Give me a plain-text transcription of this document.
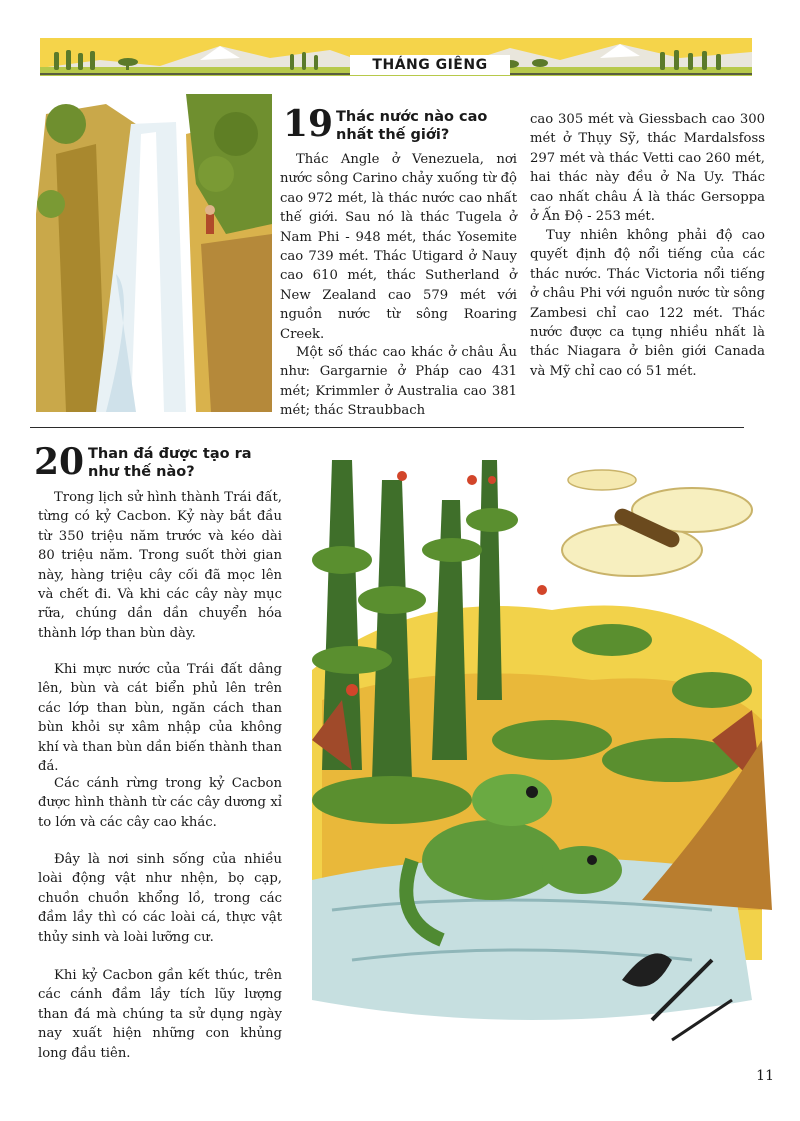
THÁNG GIÊNG
19 Thác nước nào cao nhất thế giới?

Thác Angle ở Venezuela, nơi nước sông Carino chảy xuống từ độ cao 972 mét, là thác nước cao nhất thế giới. Sau nó là thác Tugela ở Nam Phi - 948 mét, thác Yosemite cao 739 mét. Thác Utigard ở Nauy cao 610 mét, thác Sutherland ở New Zealand cao 579 mét với nguồn nước từ sông Roaring Creek.

Một số thác cao khác ở châu Âu như: Gargarnie ở Pháp cao 431 mét; Krimmler ở Australia cao 381 mét; thác Straubbach

cao 305 mét và Giessbach cao 300 mét ở Thụy Sỹ, thác Mardalsfoss 297 mét và thác Vetti cao 260 mét, hai thác này đều ở Na Uy. Thác cao nhất châu Á là thác Gersoppa ở Ấn Độ - 253 mét.

Tuy nhiên không phải độ cao quyết định độ nổi tiếng của các thác nước. Thác Victoria nổi tiếng ở châu Phi với nguồn nước từ sông Zambesi chỉ cao 122 mét. Thác nước được ca tụng nhiều nhất là thác Niagara ở biên giới Canada và Mỹ chỉ cao có 51 mét.

20 Than đá được tạo ra như thế nào?

Trong lịch sử hình thành Trái đất, từng có kỷ Cacbon. Kỷ này bắt đầu từ 350 triệu năm trước và kéo dài 80 triệu năm. Trong suốt thời gian này, hàng triệu cây cối đã mọc lên và chết đi. Và khi các cây này mục rữa, chúng dần dần chuyển hóa thành lớp than bùn dày.

Khi mực nước của Trái đất dâng lên, bùn và cát biển phủ lên trên các lớp than bùn, ngăn cách than bùn khỏi sự xâm nhập của không khí và than bùn dần biến thành than đá.

Các cánh rừng trong kỷ Cacbon được hình thành từ các cây dương xỉ to lớn và các cây cao khác.

Đây là nơi sinh sống của nhiều loài động vật như nhện, bọ cạp, chuồn chuồn khổng lồ, trong các đầm lầy thì có các loài cá, thực vật thủy sinh và loài lưỡng cư.

Khi kỷ Cacbon gần kết thúc, trên các cánh đầm lầy tích lũy lượng than đá mà chúng ta sử dụng ngày nay xuất hiện những con khủng long đầu tiên.

11
